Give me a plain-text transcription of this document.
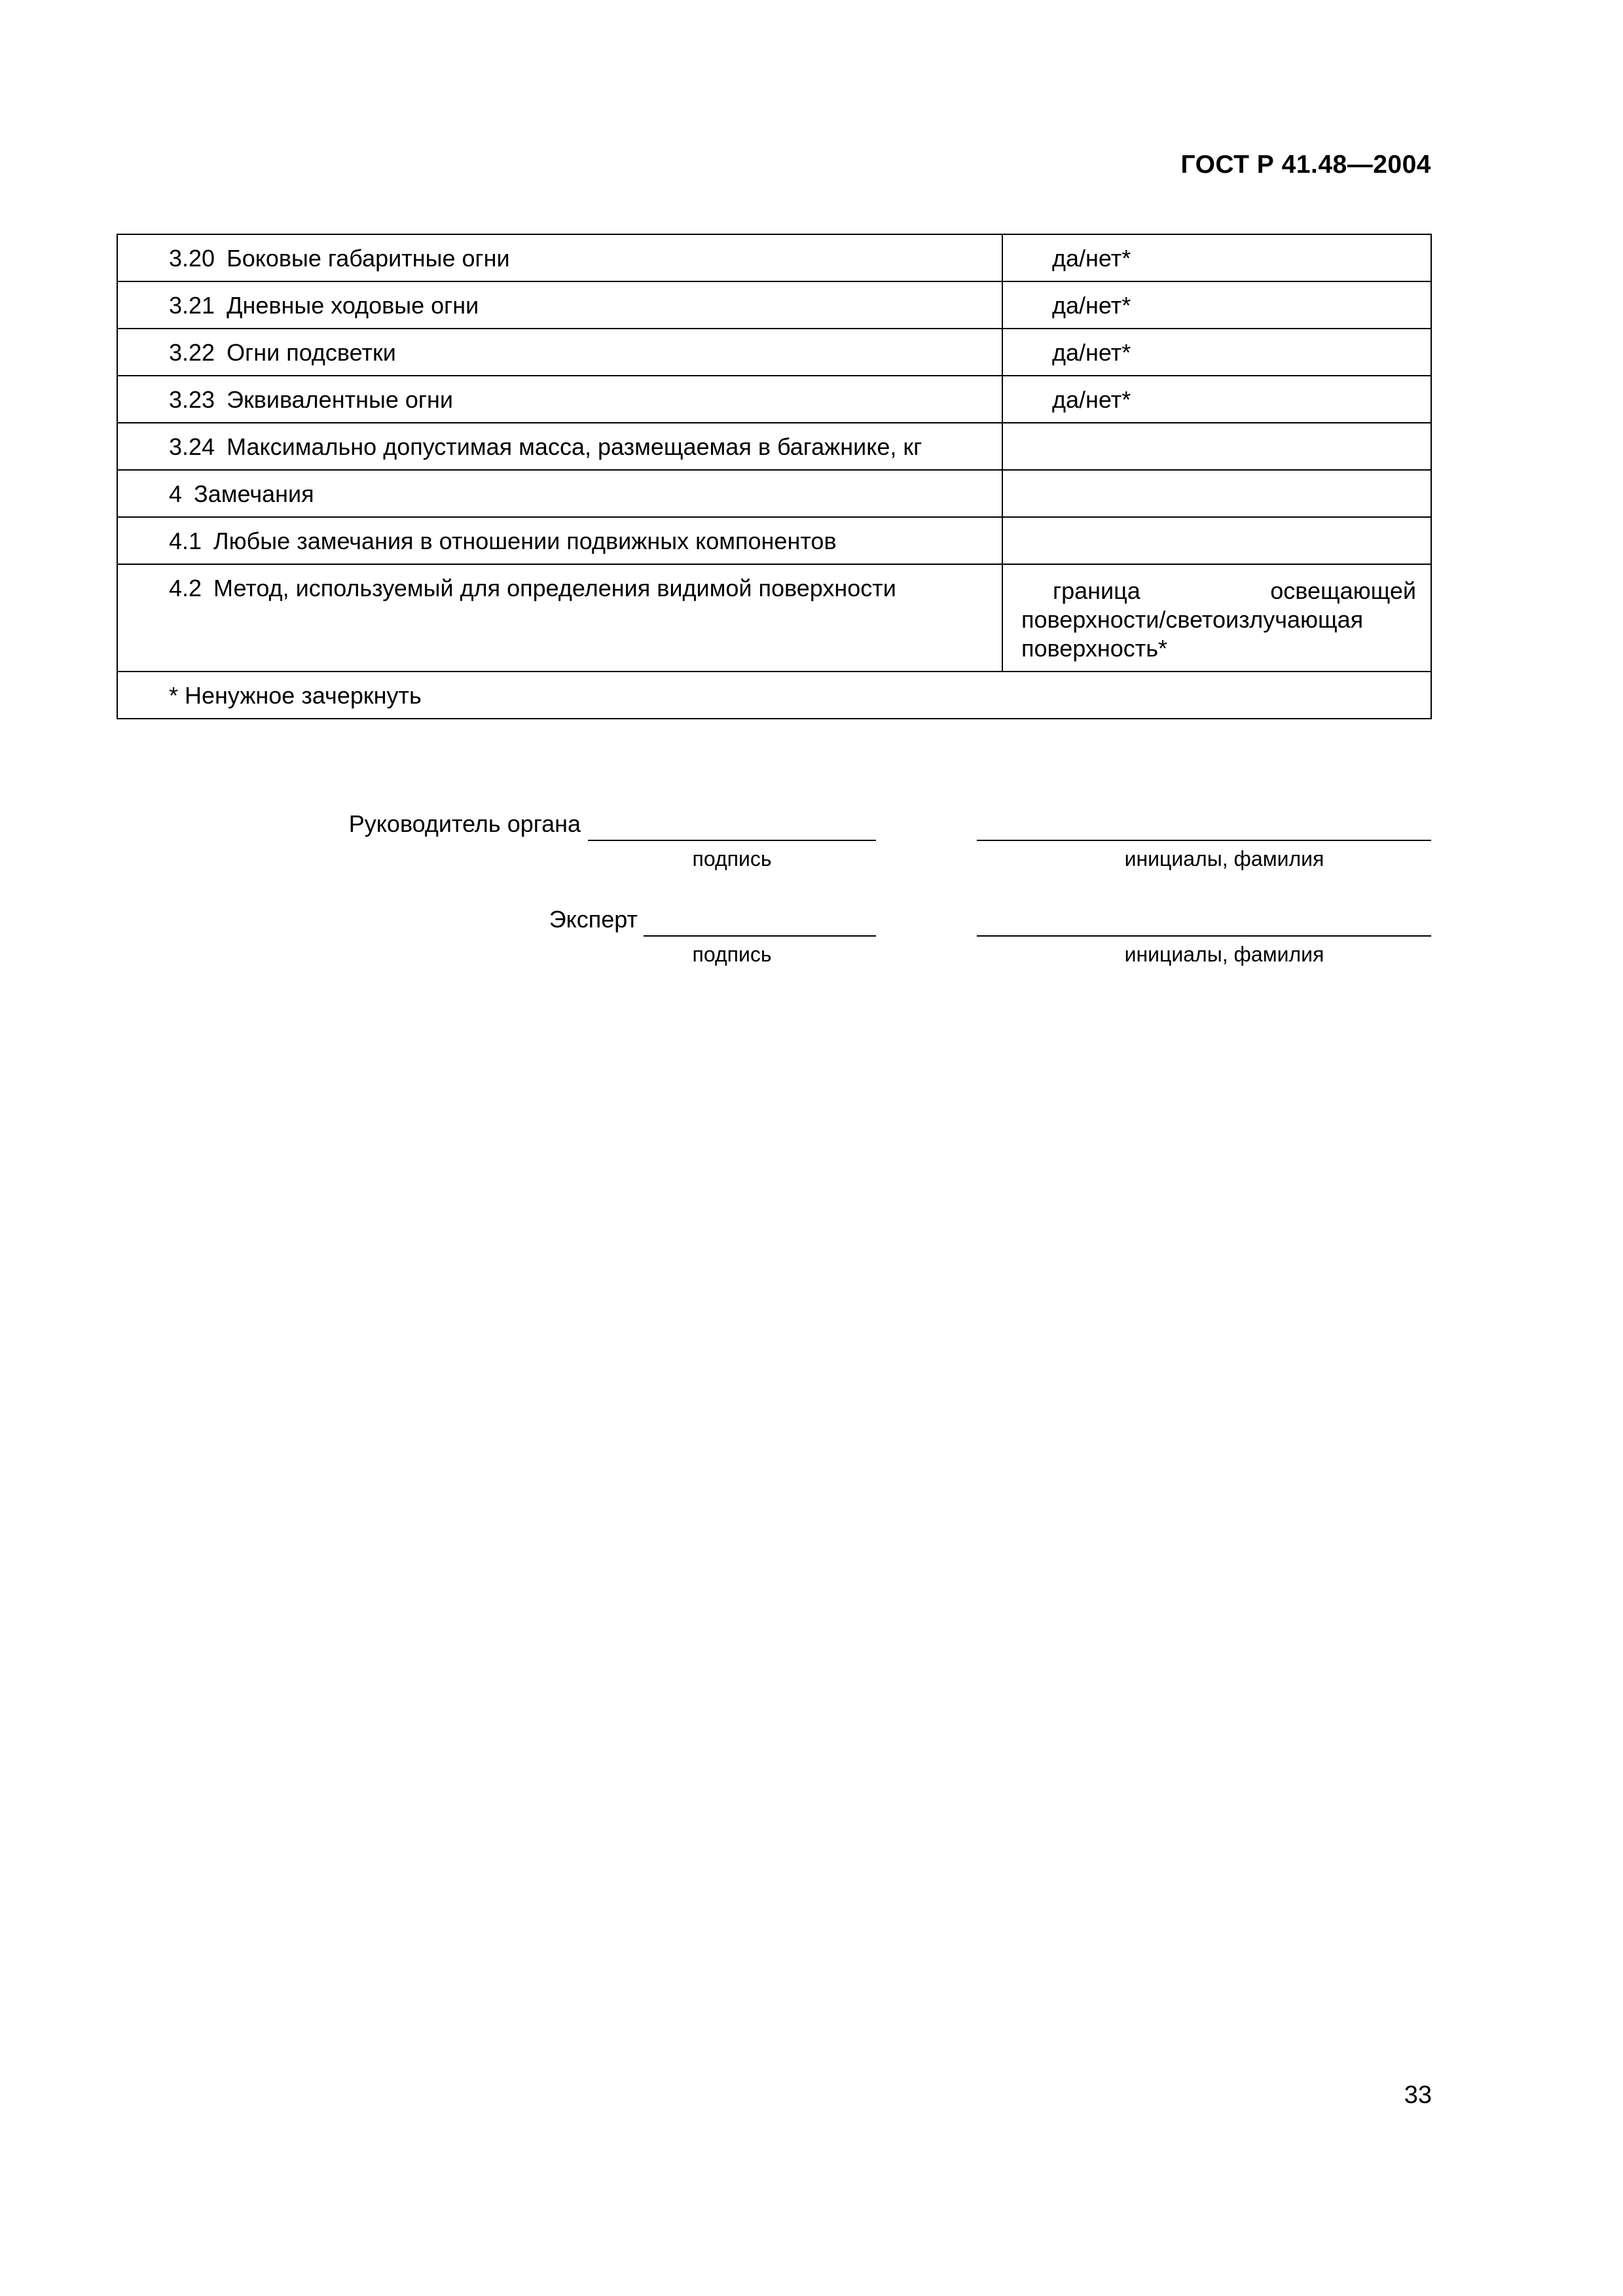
ГОСТ Р 41.48—2004
3.20 Боковые габаритные огни	да/нет*
3.21 Дневные ходовые огни	да/нет*
3.22 Огни подсветки	да/нет*
3.23 Эквивалентные огни	да/нет*
3.24 Максимально допустимая масса, размещаемая в багажнике, кг	
4 Замечания	
4.1 Любые замечания в отношении подвижных компонентов	
4.2 Метод, используемый для определения видимой поверхности	граница освещающей поверхности/светоизлучающая поверхность*

* Ненужное зачеркнуть	
Руководитель органа
подпись	инициалы, фамилия
Эксперт
подпись	инициалы, фамилия
33
